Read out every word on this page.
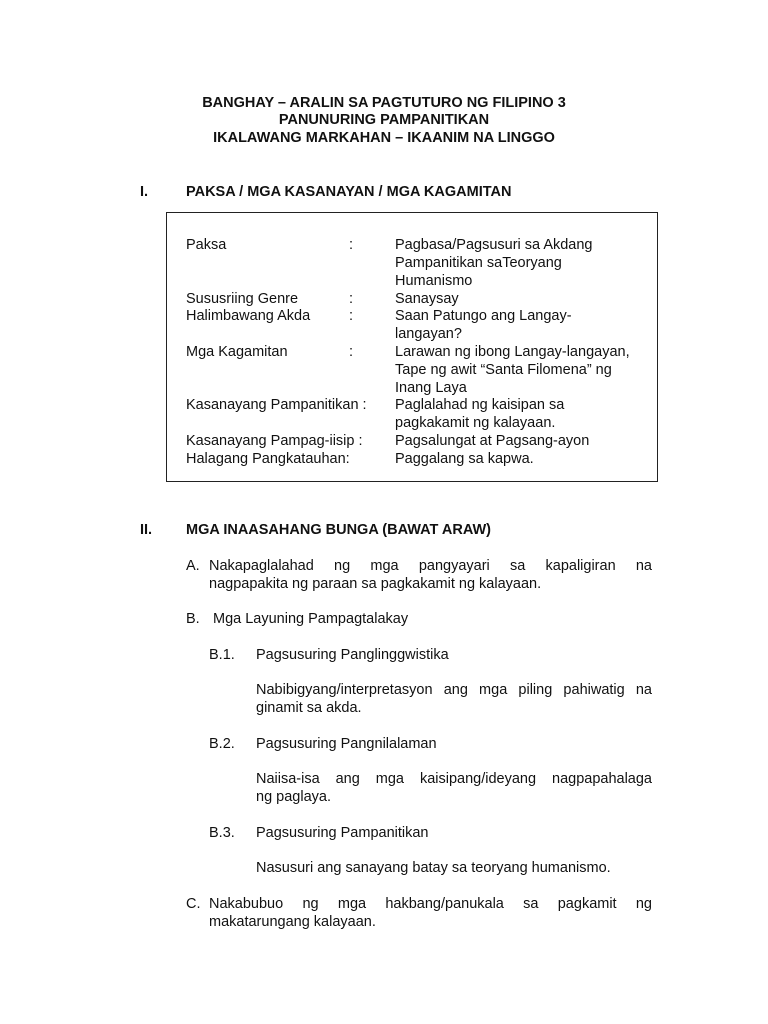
BANGHAY – ARALIN SA PAGTUTURO NG FILIPINO 3
PANUNURING PAMPANITIKAN
IKALAWANG MARKAHAN – IKAANIM NA LINGGO
I.	PAKSA / MGA KASANAYAN / MGA KAGAMITAN
Paksa	:	Pagbasa/Pagsusuri sa Akdang
Pampanitikan saTeoryang
Humanismo
Sususriing Genre	:	Sanaysay
Halimbawang Akda	:	Saan Patungo ang Langay-
langayan?
Mga Kagamitan	:	Larawan ng ibong Langay-langayan,
Tape ng awit “Santa Filomena” ng
Inang Laya
Kasanayang Pampanitikan : Paglalahad ng kaisipan sa
pagkakamit ng kalayaan.
Kasanayang Pampag-iisip : Pagsalungat at Pagsang-ayon
Halagang Pangkatauhan:	Paggalang sa kapwa.
II. MGA INAASAHANG BUNGA (BAWAT ARAW)
A. Nakapaglalahad ng mga pangyayari sa kapaligiran na
nagpapakita ng paraan sa pagkakamit ng kalayaan.
B. Mga Layuning Pampagtalakay
B.1. Pagsusuring Panglinggwistika
Nabibigyang/interpretasyon ang mga piling pahiwatig na
ginamit sa akda.
B.2. Pagsusuring Pangnilalaman
Naiisa-isa ang mga kaisipang/ideyang nagpapahalaga
ng paglaya.
B.3. Pagsusuring Pampanitikan
Nasusuri ang sanayang batay sa teoryang humanismo.
C. Nakabubuo ng mga hakbang/panukala sa pagkamit ng
makatarungang kalayaan.
